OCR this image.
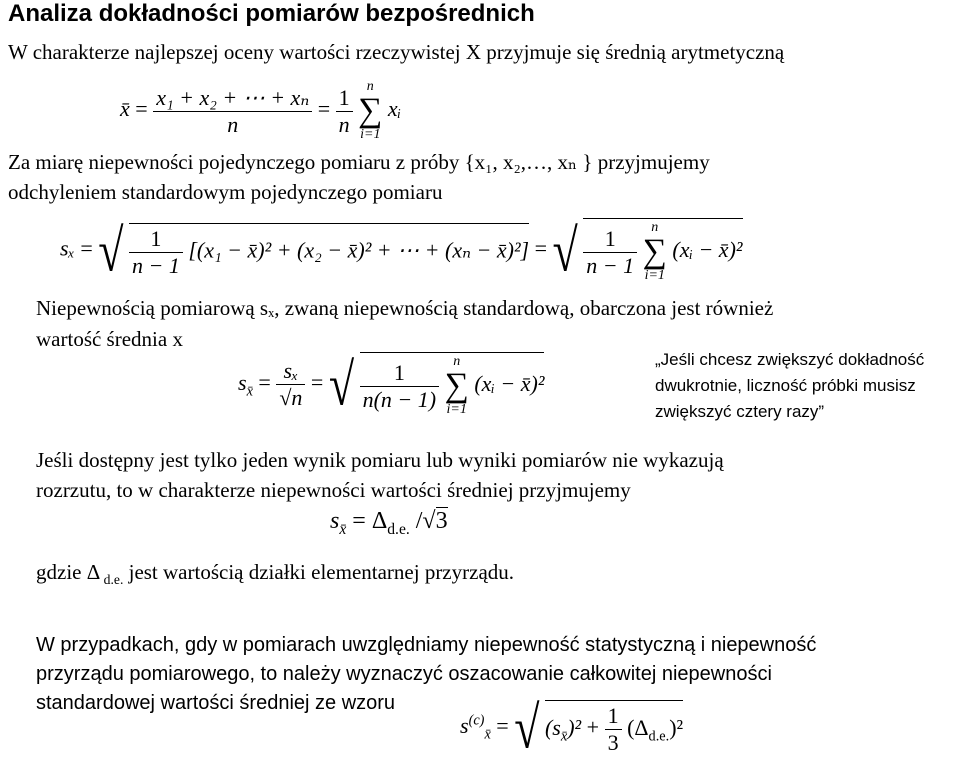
Analiza dokładności pomiarów bezpośrednich
W charakterze najlepszej oceny wartości rzeczywistej X przyjmuje się średnią arytmetyczną
x̄ = $\frac{\text{x₁ + x₂ + ⋯ + xₙ}}{n} = \frac{1}{n}$ n
∑
i=1 xᵢ
Za miarę niepewności pojedynczego pomiaru z próby {x₁, x₂,…, xₙ } przyjmujemy
odchyleniem standardowym pojedynczego pomiaru
sₓ = √ $\frac{1}{n - 1} [(x_1$ − x̄)² + (x₂ − x̄)² + ⋯ + (xₙ − x̄)²] = √ $\frac{1}{n - 1}$ n
∑
i=1 (xᵢ − x̄)²
Niepewnością pomiarową sₓ, zwaną niepewnością standardową, obarczona jest również
wartość średnia x
$s_{x̄} = \frac{\text{sₓ}}{√n}$ = √ $\frac{1}{n(n - 1)}$ n
∑
i=1 (xᵢ − x̄)²
„Jeśli chcesz zwiększyć dokładność
dwukrotnie, liczność próbki musisz
zwiększyć cztery razy”
Jeśli dostępny jest tylko jeden wynik pomiaru lub wyniki pomiarów nie wykazują
rozrzutu, to w charakterze niepewności wartości średniej przyjmujemy
$s_{x̄} = \Delta_{d.e.}$ /√3
gdzie Δ $_{d.e.}$ jest wartością działki elementarnej przyrządu.
W przypadkach, gdy w pomiarach uwzględniamy niepewność statystyczną i niepewność
przyrządu pomiarowego, to należy wyznaczyć oszacowanie całkowitej niepewności
standardowej wartości średniej ze wzoru
$s^{(c)}_{x̄}$ = √ $(s_{x̄})^2 + \frac{1}{3} (\Delta_{d.e.})^2$
